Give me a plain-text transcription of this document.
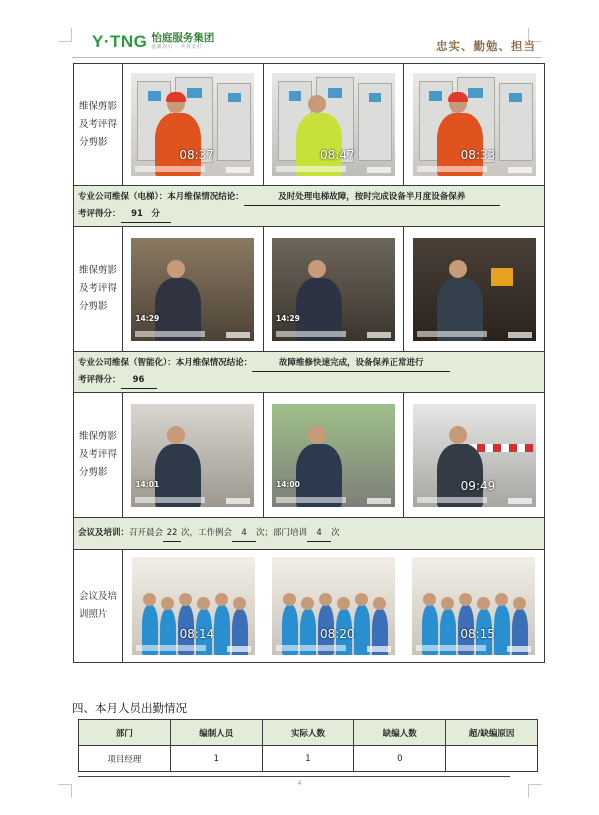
Y·TNG 怡庭服务集团
温暖同行 · 共筑美好	忠实、勤勉、担当
维保剪影及考评得分剪影	08:37 08:47 08:33

专业公司维保（电梯）：本月维保情况结论： 及时处理电梯故障，按时完成设备半月度设备保养
考评得分： 91　分	
维保剪影及考评得分剪影	14:29 14:29

专业公司维保（智能化）：本月维保情况结论： 故障维修快速完成，设备保养正常进行
考评得分： 96	
维保剪影及考评得分剪影	14:01 14:00 09:49

会议及培训：召开晨会 22 次，工作例会 4 次；部门培训 4 次	
会议及培训照片	08:14 08:20 08:15
四、本月人员出勤情况
部门	编制人员	实际人数	缺编人数	超/缺编原因
项目经理	1	1	0	
4
